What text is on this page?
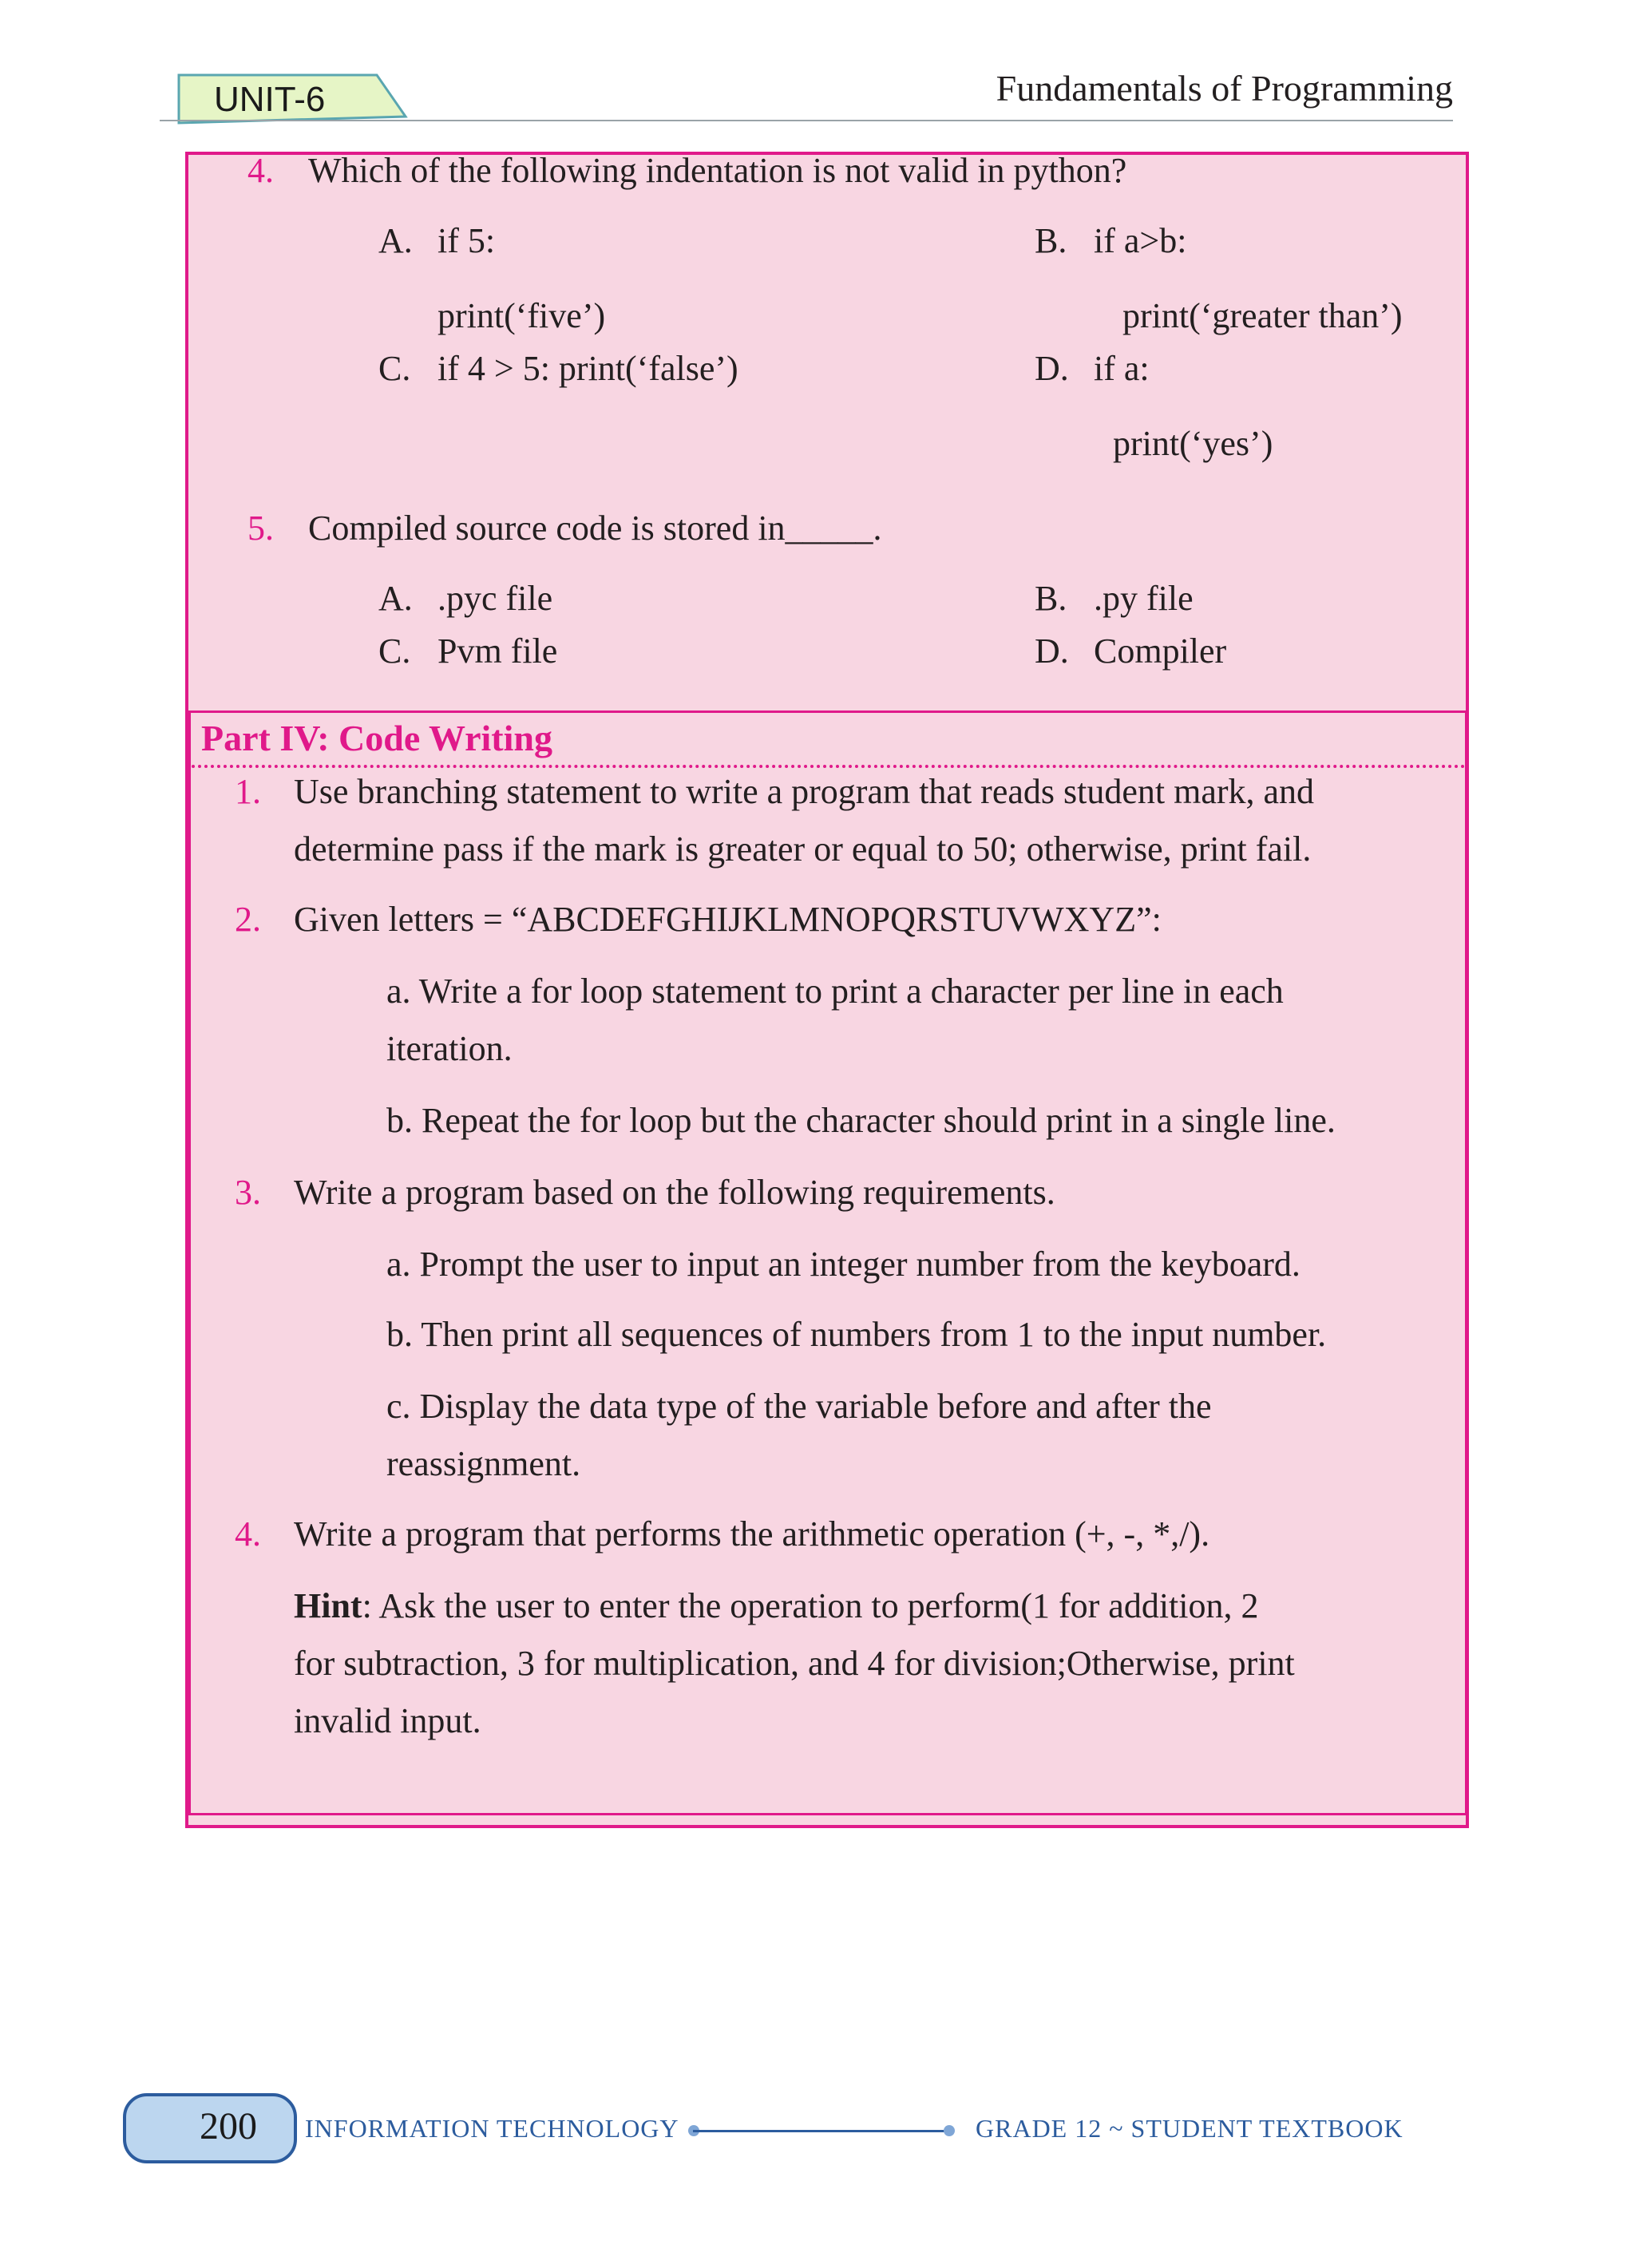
UNIT-6	Fundamentals of Programming
4. Which of the following indentation is not valid in python?
A. if 5:
print(‘five’)
B. if a>b:
print(‘greater than’)
C. if 4 > 5: print(‘false’)	D. if a:
print(‘yes’)
5. Compiled source code is stored in_____.
A. .pyc file	B. .py file
C. Pvm file	D. Compiler
Part IV: Code Writing
1. Use branching statement to write a program that reads student mark, and
determine pass if the mark is greater or equal to 50; otherwise, print fail.
2. Given letters = “ABCDEFGHIJKLMNOPQRSTUVWXYZ”:
a. Write a for loop statement to print a character per line in each
iteration.
b. Repeat the for loop but the character should print in a single line.
3. Write a program based on the following requirements.
a. Prompt the user to input an integer number from the keyboard.
b. Then print all sequences of numbers from 1 to the input number.
c. Display the data type of the variable before and after the
reassignment.
4. Write a program that performs the arithmetic operation (+, -, *,/).
Hint: Ask the user to enter the operation to perform(1 for addition, 2
for subtraction, 3 for multiplication, and 4 for division;Otherwise, print
invalid input.
200 INFORMATION TECHNOLOGY	GRADE 12 ~ STUDENT TEXTBOOK
